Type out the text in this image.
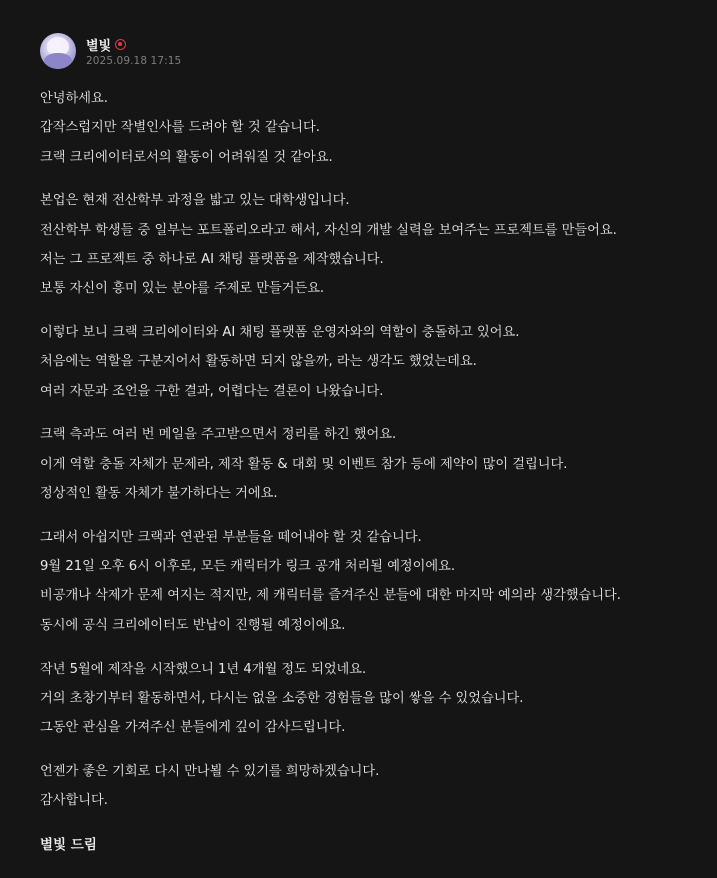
별빛
2025.09.18 17:15
안녕하세요.
갑작스럽지만 작별인사를 드려야 할 것 같습니다.
크랙 크리에이터로서의 활동이 어려워질 것 같아요.
본업은 현재 전산학부 과정을 밟고 있는 대학생입니다.
전산학부 학생들 중 일부는 포트폴리오라고 해서, 자신의 개발 실력을 보여주는 프로젝트를 만들어요.
저는 그 프로젝트 중 하나로 AI 채팅 플랫폼을 제작했습니다.
보통 자신이 흥미 있는 분야를 주제로 만들거든요.
이렇다 보니 크랙 크리에이터와 AI 채팅 플랫폼 운영자와의 역할이 충돌하고 있어요.
처음에는 역할을 구분지어서 활동하면 되지 않을까, 라는 생각도 했었는데요.
여러 자문과 조언을 구한 결과, 어렵다는 결론이 나왔습니다.
크랙 측과도 여러 번 메일을 주고받으면서 정리를 하긴 했어요.
이게 역할 충돌 자체가 문제라, 제작 활동 & 대회 및 이벤트 참가 등에 제약이 많이 걸립니다.
정상적인 활동 자체가 불가하다는 거에요.
그래서 아쉽지만 크랙과 연관된 부분들을 떼어내야 할 것 같습니다.
9월 21일 오후 6시 이후로, 모든 캐릭터가 링크 공개 처리될 예정이에요.
비공개나 삭제가 문제 여지는 적지만, 제 캐릭터를 즐겨주신 분들에 대한 마지막 예의라 생각했습니다.
동시에 공식 크리에이터도 반납이 진행될 예정이에요.
작년 5월에 제작을 시작했으니 1년 4개월 정도 되었네요.
거의 초창기부터 활동하면서, 다시는 없을 소중한 경험들을 많이 쌓을 수 있었습니다.
그동안 관심을 가져주신 분들에게 깊이 감사드립니다.
언젠가 좋은 기회로 다시 만나뵐 수 있기를 희망하겠습니다.
감사합니다.
별빛 드림
